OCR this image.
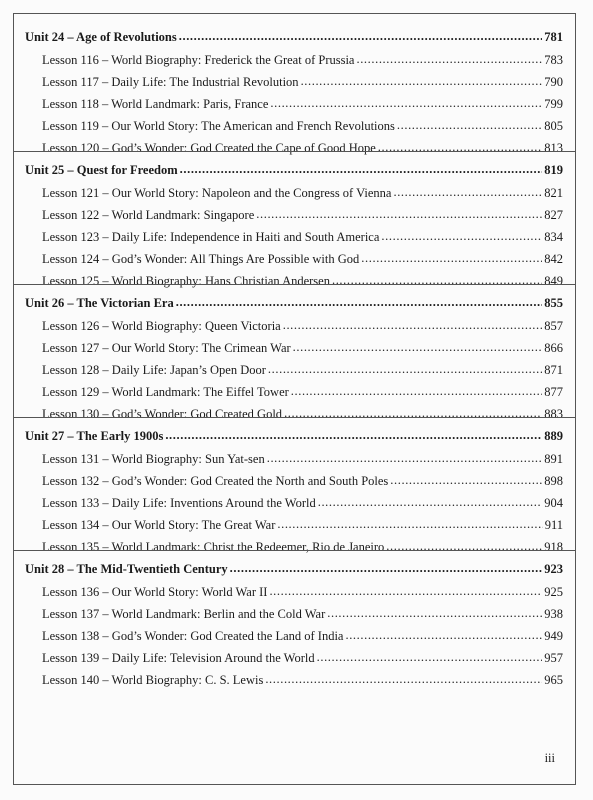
Unit 24 – Age of Revolutions .....	781
Lesson 116 – World Biography: Frederick the Great of Prussia .....	783
Lesson 117 – Daily Life: The Industrial Revolution .....	790
Lesson 118 – World Landmark: Paris, France .....	799
Lesson 119 – Our World Story: The American and French Revolutions .....	805
Lesson 120 – God’s Wonder: God Created the Cape of Good Hope .....	813
Unit 25 – Quest for Freedom .....	819
Lesson 121 – Our World Story: Napoleon and the Congress of Vienna .....	821
Lesson 122 – World Landmark: Singapore .....	827
Lesson 123 – Daily Life: Independence in Haiti and South America .....	834
Lesson 124 – God’s Wonder: All Things Are Possible with God .....	842
Lesson 125 – World Biography: Hans Christian Andersen .....	849
Unit 26 – The Victorian Era .....	855
Lesson 126 – World Biography: Queen Victoria .....	857
Lesson 127 – Our World Story: The Crimean War .....	866
Lesson 128 – Daily Life: Japan’s Open Door .....	871
Lesson 129 – World Landmark: The Eiffel Tower .....	877
Lesson 130 – God’s Wonder: God Created Gold .....	883
Unit 27 – The Early 1900s .....	889
Lesson 131 – World Biography: Sun Yat-sen .....	891
Lesson 132 – God’s Wonder: God Created the North and South Poles .....	898
Lesson 133 – Daily Life: Inventions Around the World .....	904
Lesson 134 – Our World Story: The Great War .....	911
Lesson 135 – World Landmark: Christ the Redeemer, Rio de Janeiro .....	918
Unit 28 – The Mid-Twentieth Century .....	923
Lesson 136 – Our World Story: World War II .....	925
Lesson 137 – World Landmark: Berlin and the Cold War .....	938
Lesson 138 – God’s Wonder: God Created the Land of India .....	949
Lesson 139 – Daily Life: Television Around the World .....	957
Lesson 140 – World Biography: C. S. Lewis .....	965
iii
